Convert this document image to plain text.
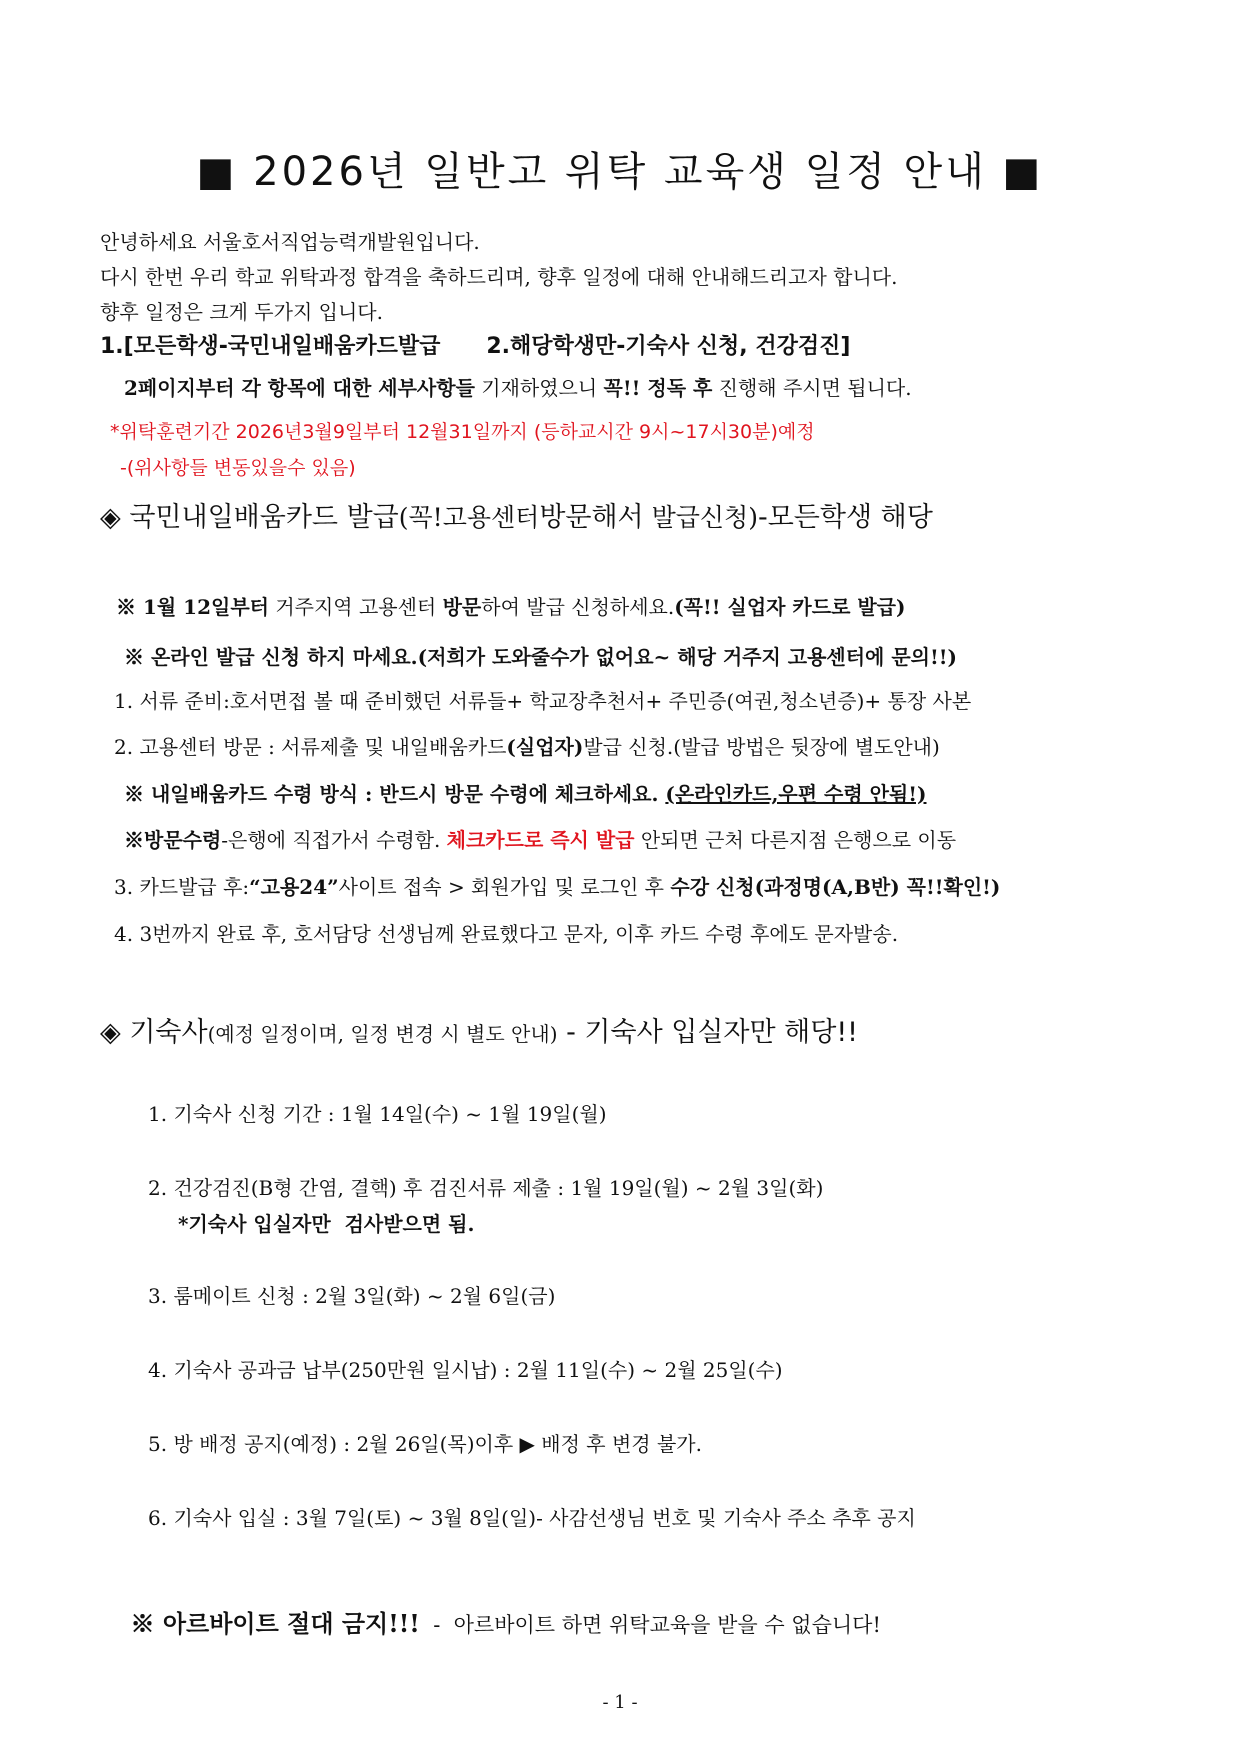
■ 2026년 일반고 위탁 교육생 일정 안내 ■
안녕하세요 서울호서직업능력개발원입니다.
다시 한번 우리 학교 위탁과정 합격을 축하드리며, 향후 일정에 대해 안내해드리고자 합니다.
향후 일정은 크게 두가지 입니다.
1.[모든학생-국민내일배움카드발급      2.해당학생만-기숙사 신청, 건강검진]
2페이지부터 각 항목에 대한 세부사항들 기재하였으니 꼭!! 정독 후 진행해 주시면 됩니다.
*위탁훈련기간 2026년3월9일부터 12월31일까지 (등하교시간 9시~17시30분)예정
-(위사항들 변동있을수 있음)
◈ 국민내일배움카드 발급(꼭!고용센터방문해서 발급신청)-모든학생 해당
※ 1월 12일부터 거주지역 고용센터 방문하여 발급 신청하세요.(꼭!! 실업자 카드로 발급)
※ 온라인 발급 신청 하지 마세요.(저희가 도와줄수가 없어요~ 해당 거주지 고용센터에 문의!!)
1. 서류 준비:호서면접 볼 때 준비했던 서류들+ 학교장추천서+ 주민증(여권,청소년증)+ 통장 사본
2. 고용센터 방문 : 서류제출 및 내일배움카드(실업자)발급 신청.(발급 방법은 뒷장에 별도안내)
※ 내일배움카드 수령 방식 : 반드시 방문 수령에 체크하세요. (온라인카드,우편 수령 안됨!)
※방문수령-은행에 직접가서 수령함. 체크카드로 즉시 발급 안되면 근처 다른지점 은행으로 이동
3. 카드발급 후:“고용24”사이트 접속 > 회원가입 및 로그인 후 수강 신청(과정명(A,B반) 꼭!!확인!)
4. 3번까지 완료 후, 호서담당 선생님께 완료했다고 문자, 이후 카드 수령 후에도 문자발송.
◈ 기숙사(예정 일정이며, 일정 변경 시 별도 안내) - 기숙사 입실자만 해당!!
1. 기숙사 신청 기간 : 1월 14일(수) ~ 1월 19일(월)
2. 건강검진(B형 간염, 결핵) 후 검진서류 제출 : 1월 19일(월) ~ 2월 3일(화)
*기숙사 입실자만  검사받으면 됨.
3. 룸메이트 신청 : 2월 3일(화) ~ 2월 6일(금)
4. 기숙사 공과금 납부(250만원 일시납) : 2월 11일(수) ~ 2월 25일(수)
5. 방 배정 공지(예정) : 2월 26일(목)이후 ▶ 배정 후 변경 불가.
6. 기숙사 입실 : 3월 7일(토) ~ 3월 8일(일)- 사감선생님 번호 및 기숙사 주소 추후 공지

※ 아르바이트 절대 금지!!!  -  아르바이트 하면 위탁교육을 받을 수 없습니다!

- 1 -
